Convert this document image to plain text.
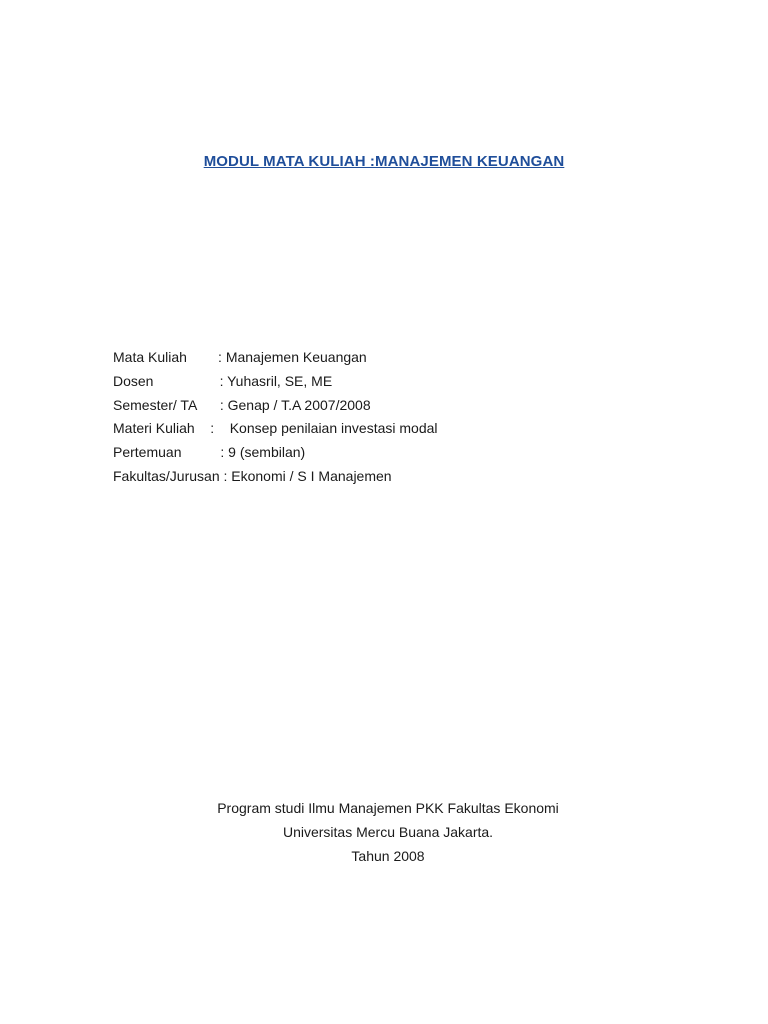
MODUL MATA KULIAH :MANAJEMEN KEUANGAN
Mata Kuliah        : Manajemen Keuangan
Dosen                 : Yuhasril, SE, ME
Semester/ TA      : Genap / T.A 2007/2008
Materi Kuliah    :    Konsep penilaian investasi modal
Pertemuan          : 9 (sembilan)
Fakultas/Jurusan : Ekonomi / S I Manajemen
Program studi Ilmu Manajemen PKK Fakultas Ekonomi
Universitas Mercu Buana Jakarta.
Tahun 2008
